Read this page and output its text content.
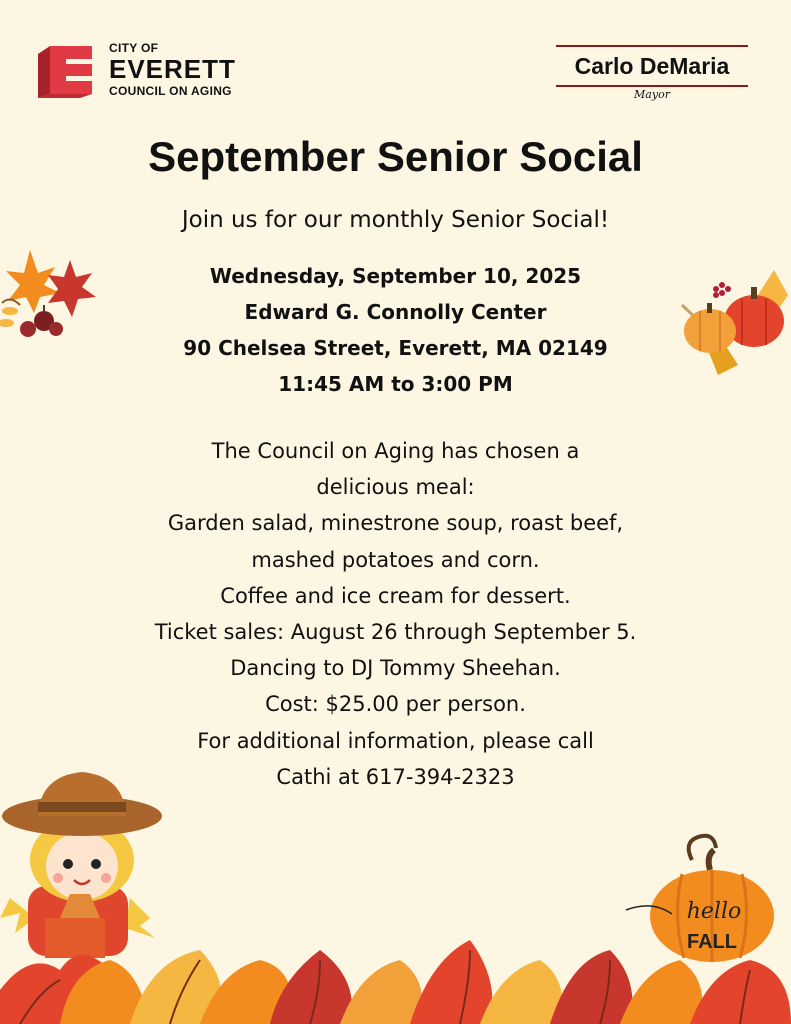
CITY OF
EVERETT
COUNCIL ON AGING
Carlo DeMaria
Mayor
September Senior Social
Join us for our monthly Senior Social!
Wednesday, September 10, 2025
Edward G. Connolly Center
90 Chelsea Street, Everett, MA 02149
11:45 AM to 3:00 PM
The Council on Aging has chosen a
delicious meal:
Garden salad, minestrone soup, roast beef,
mashed potatoes and corn.
Coffee and ice cream for dessert.
Ticket sales: August 26 through September 5.
Dancing to DJ Tommy Sheehan.
Cost: $25.00 per person.
For additional information, please call
Cathi at 617-394-2323
hello
FALL
